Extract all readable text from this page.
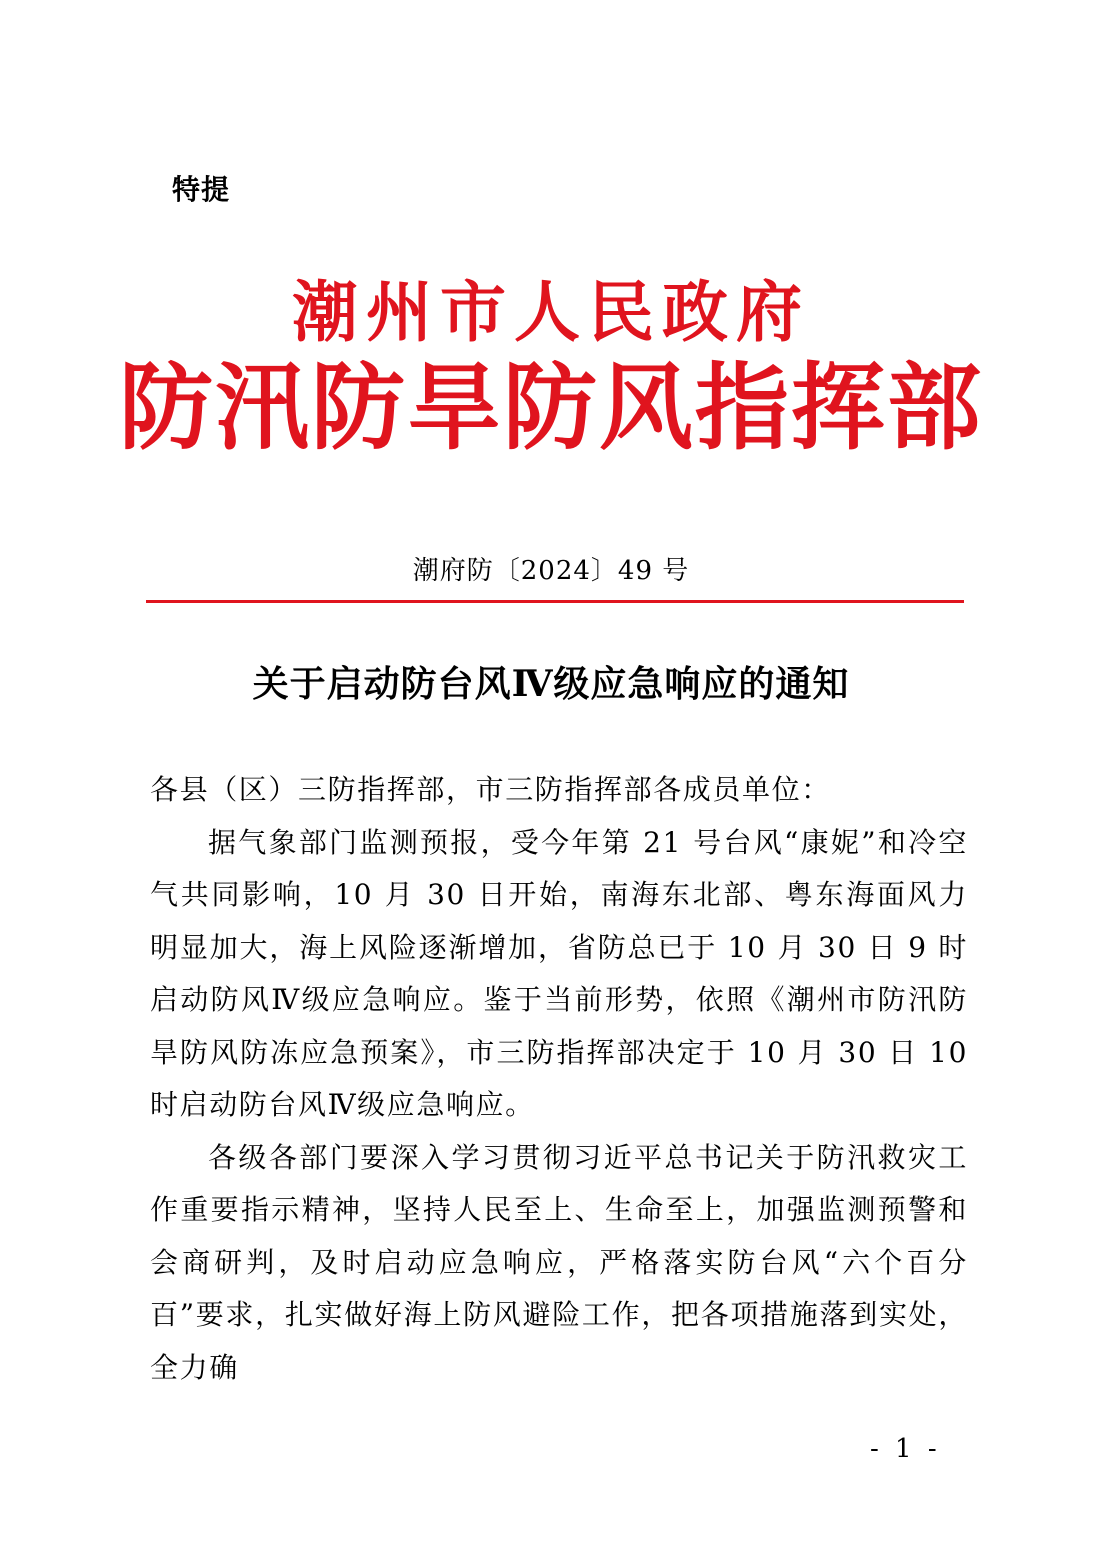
特提
潮州市人民政府
防汛防旱防风指挥部
潮府防〔2024〕49 号
关于启动防台风Ⅳ级应急响应的通知

各县（区）三防指挥部，市三防指挥部各成员单位：

据气象部门监测预报，受今年第 21 号台风“康妮”和冷空气共同影响，10 月 30 日开始，南海东北部、粤东海面风力明显加大，海上风险逐渐增加，省防总已于 10 月 30 日 9 时启动防风Ⅳ级应急响应。鉴于当前形势，依照《潮州市防汛防旱防风防冻应急预案》，市三防指挥部决定于 10 月 30 日 10 时启动防台风Ⅳ级应急响应。

各级各部门要深入学习贯彻习近平总书记关于防汛救灾工作重要指示精神，坚持人民至上、生命至上，加强监测预警和会商研判，及时启动应急响应，严格落实防台风“六个百分百”要求，扎实做好海上防风避险工作，把各项措施落到实处，全力确

- 1 -
